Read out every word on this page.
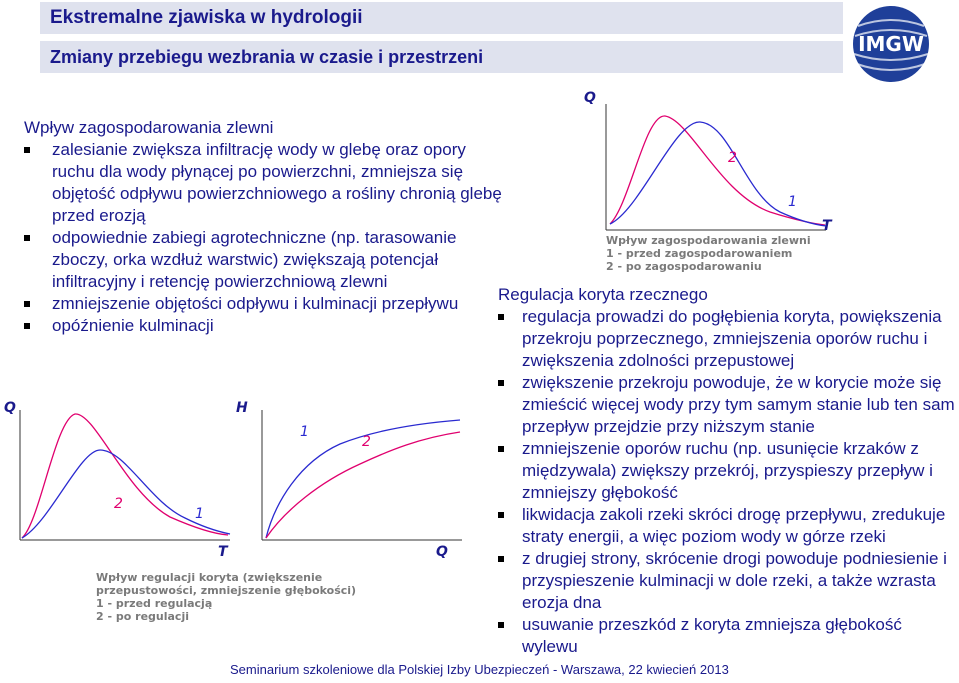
Ekstremalne zjawiska w hydrologii
Zmiany przebiegu wezbrania w czasie i przestrzeni
IMGW
Wpływ zagospodarowania zlewni
zalesianie zwiększa infiltrację wody w glebę oraz opory ruchu dla wody płynącej po powierzchni, zmniejsza się objętość odpływu powierzchniowego a rośliny chronią glebę przed erozją
odpowiednie zabiegi agrotechniczne (np. tarasowanie zboczy, orka wzdłuż warstwic) zwiększają potencjał infiltracyjny i retencję powierzchniową zlewni
zmniejszenie objętości odpływu i kulminacji przepływu
opóźnienie kulminacji
Regulacja koryta rzecznego
regulacja prowadzi do pogłębienia koryta, powiększenia przekroju poprzecznego, zmniejszenia oporów ruchu i zwiększenia zdolności przepustowej
zwiększenie przekroju powoduje, że w korycie może się zmieścić więcej wody przy tym samym stanie lub ten sam przepływ przejdzie przy niższym stanie
zmniejszenie oporów ruchu (np. usunięcie krzaków z międzywala) zwiększy przekrój, przyspieszy przepływ i zmniejszy głębokość
likwidacja zakoli rzeki skróci drogę przepływu, zredukuje straty energii, a więc poziom wody w górze rzeki
z drugiej strony, skrócenie drogi powoduje podniesienie i przyspieszenie kulminacji w dole rzeki, a także wzrasta erozja dna
usuwanie przeszkód z koryta zmniejsza głębokość wylewu
Q
T
2
1
Wpływ zagospodarowania zlewni
1 - przed zagospodarowaniem
2 - po zagospodarowaniu
Q
T
2
1
H
Q
1
2
Wpływ regulacji koryta (zwiększenie
przepustowości, zmniejszenie głębokości)
1 - przed regulacją
2 - po regulacji
Seminarium szkoleniowe dla Polskiej Izby Ubezpieczeń - Warszawa, 22 kwiecień 2013
